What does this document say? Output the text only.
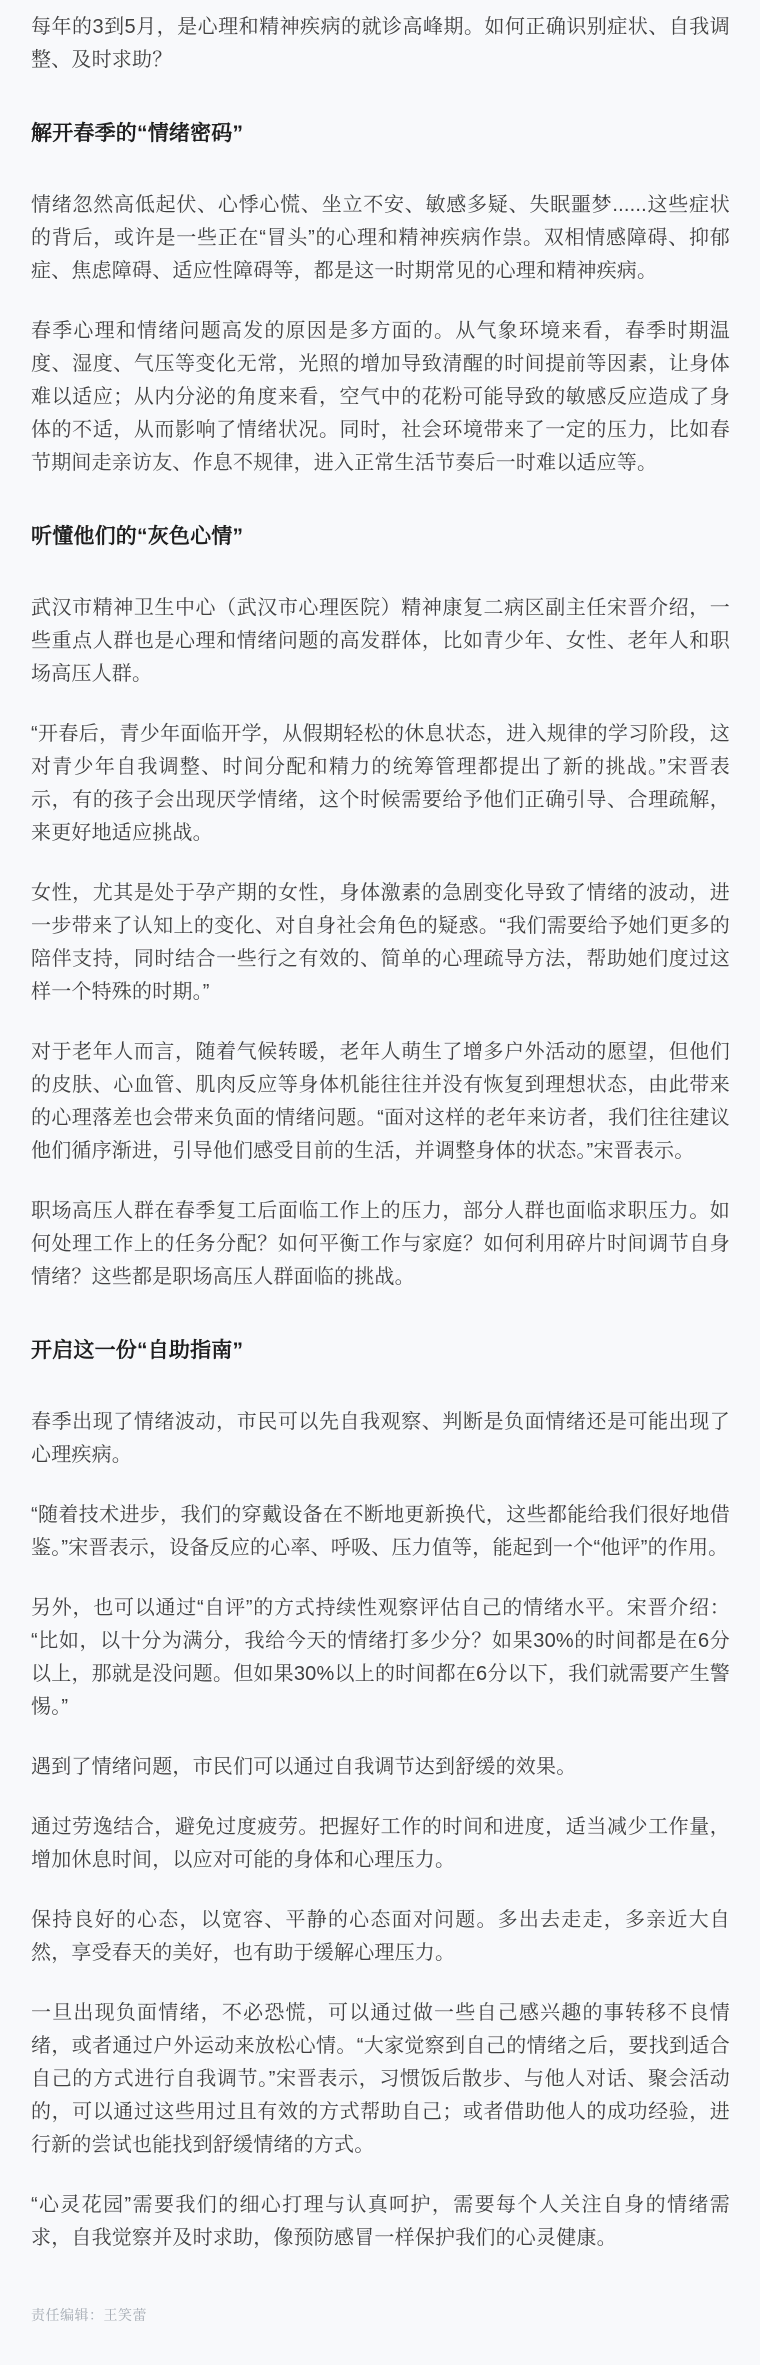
每年的3到5月，是心理和精神疾病的就诊高峰期。如何正确识别症状、自我调整、及时求助？

解开春季的“情绪密码”

情绪忽然高低起伏、心悸心慌、坐立不安、敏感多疑、失眠噩梦......这些症状的背后，或许是一些正在“冒头”的心理和精神疾病作祟。双相情感障碍、抑郁症、焦虑障碍、适应性障碍等，都是这一时期常见的心理和精神疾病。

春季心理和情绪问题高发的原因是多方面的。从气象环境来看，春季时期温度、湿度、气压等变化无常，光照的增加导致清醒的时间提前等因素，让身体难以适应；从内分泌的角度来看，空气中的花粉可能导致的敏感反应造成了身体的不适，从而影响了情绪状况。同时，社会环境带来了一定的压力，比如春节期间走亲访友、作息不规律，进入正常生活节奏后一时难以适应等。

听懂他们的“灰色心情”

武汉市精神卫生中心（武汉市心理医院）精神康复二病区副主任宋晋介绍，一些重点人群也是心理和情绪问题的高发群体，比如青少年、女性、老年人和职场高压人群。

“开春后，青少年面临开学，从假期轻松的休息状态，进入规律的学习阶段，这对青少年自我调整、时间分配和精力的统筹管理都提出了新的挑战。”宋晋表示，有的孩子会出现厌学情绪，这个时候需要给予他们正确引导、合理疏解，来更好地适应挑战。

女性，尤其是处于孕产期的女性，身体激素的急剧变化导致了情绪的波动，进一步带来了认知上的变化、对自身社会角色的疑惑。“我们需要给予她们更多的陪伴支持，同时结合一些行之有效的、简单的心理疏导方法，帮助她们度过这样一个特殊的时期。”

对于老年人而言，随着气候转暖，老年人萌生了增多户外活动的愿望，但他们的皮肤、心血管、肌肉反应等身体机能往往并没有恢复到理想状态，由此带来的心理落差也会带来负面的情绪问题。“面对这样的老年来访者，我们往往建议他们循序渐进，引导他们感受目前的生活，并调整身体的状态。”宋晋表示。

职场高压人群在春季复工后面临工作上的压力，部分人群也面临求职压力。如何处理工作上的任务分配？如何平衡工作与家庭？如何利用碎片时间调节自身情绪？这些都是职场高压人群面临的挑战。

开启这一份“自助指南”

春季出现了情绪波动，市民可以先自我观察、判断是负面情绪还是可能出现了心理疾病。

“随着技术进步，我们的穿戴设备在不断地更新换代，这些都能给我们很好地借鉴。”宋晋表示，设备反应的心率、呼吸、压力值等，能起到一个“他评”的作用。

另外，也可以通过“自评”的方式持续性观察评估自己的情绪水平。宋晋介绍：“比如，以十分为满分，我给今天的情绪打多少分？如果30%的时间都是在6分以上，那就是没问题。但如果30%以上的时间都在6分以下，我们就需要产生警惕。”

遇到了情绪问题，市民们可以通过自我调节达到舒缓的效果。

通过劳逸结合，避免过度疲劳。把握好工作的时间和进度，适当减少工作量，增加休息时间，以应对可能的身体和心理压力。

保持良好的心态，以宽容、平静的心态面对问题。多出去走走，多亲近大自然，享受春天的美好，也有助于缓解心理压力。

一旦出现负面情绪，不必恐慌，可以通过做一些自己感兴趣的事转移不良情绪，或者通过户外运动来放松心情。“大家觉察到自己的情绪之后，要找到适合自己的方式进行自我调节。”宋晋表示，习惯饭后散步、与他人对话、聚会活动的，可以通过这些用过且有效的方式帮助自己；或者借助他人的成功经验，进行新的尝试也能找到舒缓情绪的方式。

“心灵花园”需要我们的细心打理与认真呵护，需要每个人关注自身的情绪需求，自我觉察并及时求助，像预防感冒一样保护我们的心灵健康。

责任编辑：王笑蕾
